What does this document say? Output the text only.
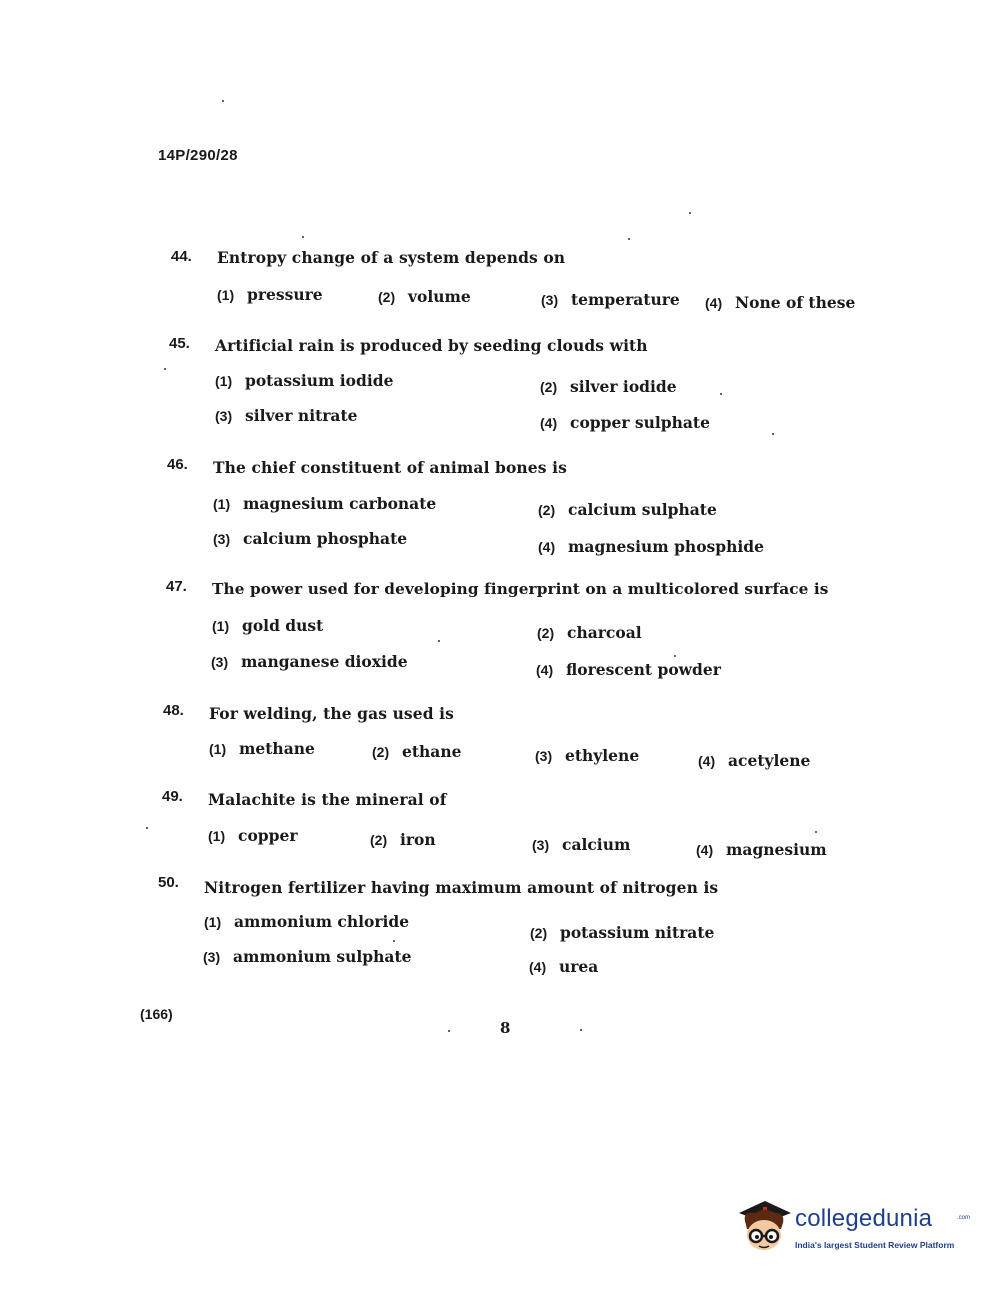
14P/290/28
44. Entropy change of a system depends on
(1) pressure	(2) volume	(3) temperature (4) None of these
45. Artificial rain is produced by seeding clouds with
(1) potassium iodide	(2) silver iodide
(3) silver nitrate	(4) copper sulphate
46. The chief constituent of animal bones is
(1) magnesium carbonate	(2) calcium sulphate
(3) calcium phosphate	(4) magnesium phosphide
47. The power used for developing fingerprint on a multicolored surface is
(1) gold dust	(2) charcoal
(3) manganese dioxide	(4) florescent powder
48. For welding, the gas used is
(1) methane	(2) ethane	(3) ethylene	(4) acetylene
49. Malachite is the mineral of
(1) copper	(2) iron	(3) calcium	(4) magnesium
50. Nitrogen fertilizer having maximum amount of nitrogen is
(1) ammonium chloride
(2) potassium nitrate
(3) ammonium sulphate
(4) urea
(166)
8
collegedunia	.com
India's largest Student Review Platform
